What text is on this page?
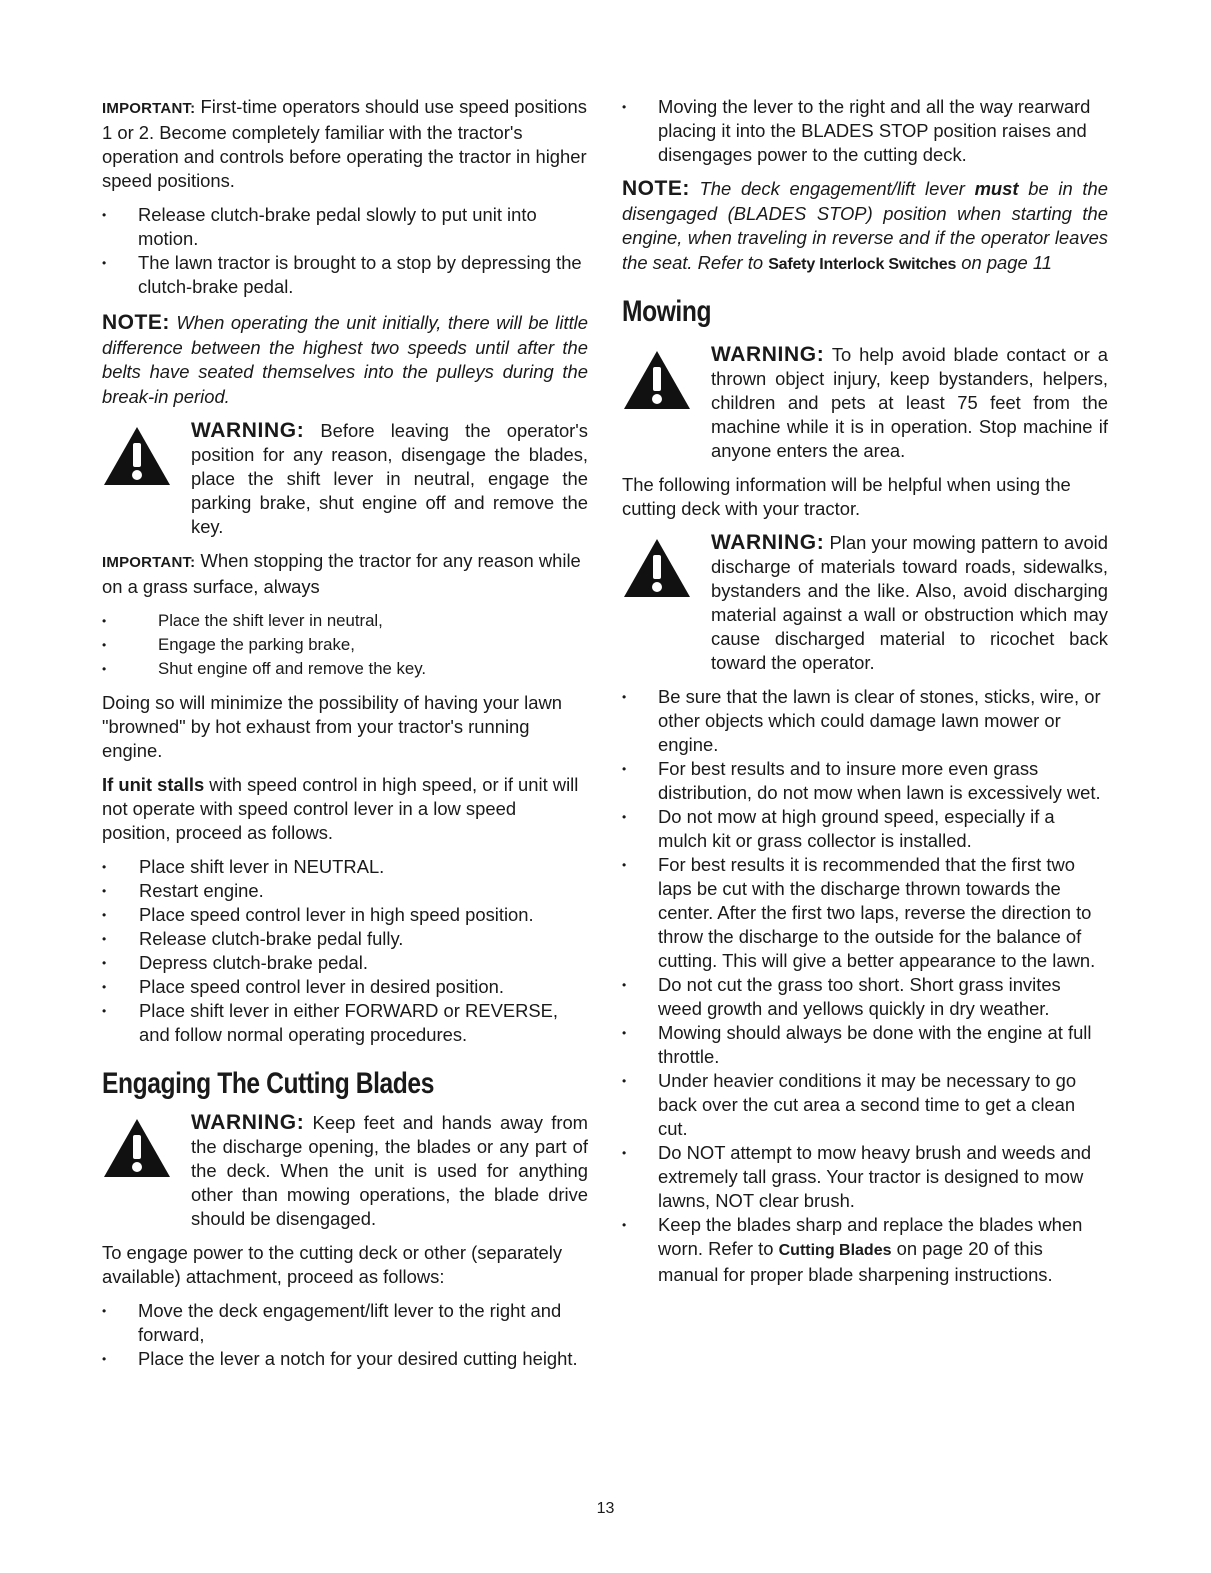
IMPORTANT: First-time operators should use speed positions 1 or 2. Become completely familiar with the tractor's operation and controls before operating the tractor in higher speed positions.

Release clutch-brake pedal slowly to put unit into motion.
The lawn tractor is brought to a stop by depressing the clutch-brake pedal.

NOTE: When operating the unit initially, there will be little difference between the highest two speeds until after the belts have seated themselves into the pulleys during the break-in period.

WARNING: Before leaving the operator's position for any reason, disengage the blades, place the shift lever in neutral, engage the parking brake, shut engine off and remove the key.

IMPORTANT: When stopping the tractor for any reason while on a grass surface, always

Place the shift lever in neutral,
Engage the parking brake,
Shut engine off and remove the key.

Doing so will minimize the possibility of having your lawn "browned" by hot exhaust from your tractor's running engine.

If unit stalls with speed control in high speed, or if unit will not operate with speed control lever in a low speed position, proceed as follows.

Place shift lever in NEUTRAL.
Restart engine.
Place speed control lever in high speed position.
Release clutch-brake pedal fully.
Depress clutch-brake pedal.
Place speed control lever in desired position.
Place shift lever in either FORWARD or REVERSE, and follow normal operating procedures.
Engaging The Cutting Blades

WARNING: Keep feet and hands away from the discharge opening, the blades or any part of the deck. When the unit is used for anything other than mowing operations, the blade drive should be disengaged.

To engage power to the cutting deck or other (separately available) attachment, proceed as follows:

Move the deck engagement/lift lever to the right and forward,
Place the lever a notch for your desired cutting height.
Moving the lever to the right and all the way rearward placing it into the BLADES STOP position raises and disengages power to the cutting deck.

NOTE: The deck engagement/lift lever must be in the disengaged (BLADES STOP) position when starting the engine, when traveling in reverse and if the operator leaves the seat. Refer to Safety Interlock Switches on page 11

Mowing

WARNING: To help avoid blade contact or a thrown object injury, keep bystanders, helpers, children and pets at least 75 feet from the machine while it is in operation. Stop machine if anyone enters the area.

The following information will be helpful when using the cutting deck with your tractor.

WARNING: Plan your mowing pattern to avoid discharge of materials toward roads, sidewalks, bystanders and the like. Also, avoid discharging material against a wall or obstruction which may cause discharged material to ricochet back toward the operator.

Be sure that the lawn is clear of stones, sticks, wire, or other objects which could damage lawn mower or engine.
For best results and to insure more even grass distribution, do not mow when lawn is excessively wet.
Do not mow at high ground speed, especially if a mulch kit or grass collector is installed.
For best results it is recommended that the first two laps be cut with the discharge thrown towards the center. After the first two laps, reverse the direction to throw the discharge to the outside for the balance of cutting. This will give a better appearance to the lawn.
Do not cut the grass too short. Short grass invites weed growth and yellows quickly in dry weather.
Mowing should always be done with the engine at full throttle.
Under heavier conditions it may be necessary to go back over the cut area a second time to get a clean cut.
Do NOT attempt to mow heavy brush and weeds and extremely tall grass. Your tractor is designed to mow lawns, NOT clear brush.
Keep the blades sharp and replace the blades when worn. Refer to Cutting Blades on page 20 of this manual for proper blade sharpening instructions.
13
